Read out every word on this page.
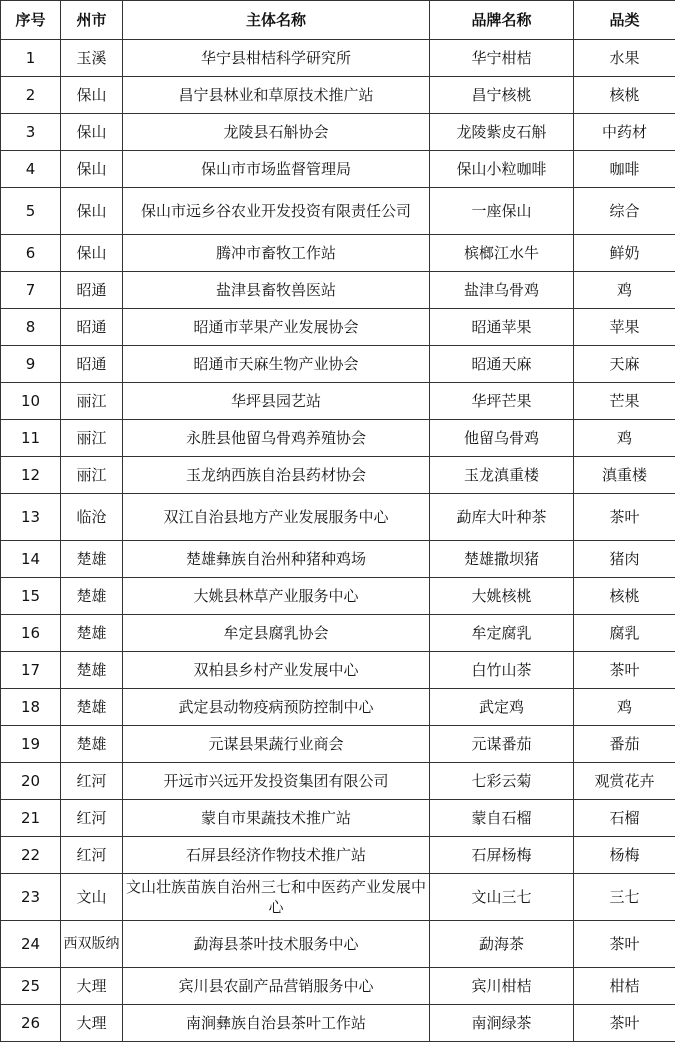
序号	州市	主体名称	品牌名称	品类
1	玉溪	华宁县柑桔科学研究所	华宁柑桔	水果
2	保山	昌宁县林业和草原技术推广站	昌宁核桃	核桃
3	保山	龙陵县石斛协会	龙陵紫皮石斛	中药材
4	保山	保山市市场监督管理局	保山小粒咖啡	咖啡
5	保山	保山市远乡谷农业开发投资有限责任公司	一座保山	综合
6	保山	腾冲市畜牧工作站	槟榔江水牛	鲜奶
7	昭通	盐津县畜牧兽医站	盐津乌骨鸡	鸡
8	昭通	昭通市苹果产业发展协会	昭通苹果	苹果
9	昭通	昭通市天麻生物产业协会	昭通天麻	天麻
10	丽江	华坪县园艺站	华坪芒果	芒果
11	丽江	永胜县他留乌骨鸡养殖协会	他留乌骨鸡	鸡
12	丽江	玉龙纳西族自治县药材协会	玉龙滇重楼	滇重楼
13	临沧	双江自治县地方产业发展服务中心	勐库大叶种茶	茶叶
14	楚雄	楚雄彝族自治州种猪种鸡场	楚雄撒坝猪	猪肉
15	楚雄	大姚县林草产业服务中心	大姚核桃	核桃
16	楚雄	牟定县腐乳协会	牟定腐乳	腐乳
17	楚雄	双柏县乡村产业发展中心	白竹山茶	茶叶
18	楚雄	武定县动物疫病预防控制中心	武定鸡	鸡
19	楚雄	元谋县果蔬行业商会	元谋番茄	番茄
20	红河	开远市兴远开发投资集团有限公司	七彩云菊	观赏花卉
21	红河	蒙自市果蔬技术推广站	蒙自石榴	石榴
22	红河	石屏县经济作物技术推广站	石屏杨梅	杨梅
23	文山	文山壮族苗族自治州三七和中医药产业发展中心	文山三七	三七
24	西双版纳	勐海县茶叶技术服务中心	勐海茶	茶叶
25	大理	宾川县农副产品营销服务中心	宾川柑桔	柑桔
26	大理	南涧彝族自治县茶叶工作站	南涧绿茶	茶叶
